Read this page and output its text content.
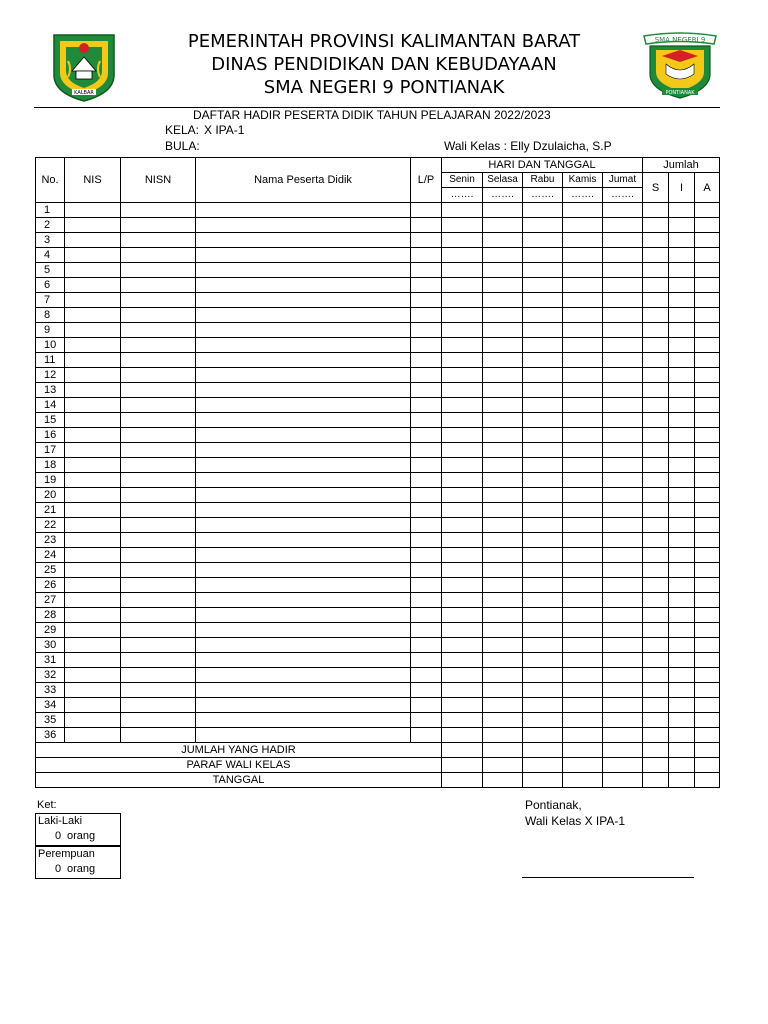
KALBAR
PEMERINTAH PROVINSI KALIMANTAN BARAT
DINAS PENDIDIKAN DAN KEBUDAYAAN
SMA NEGERI 9 PONTIANAK
SMA NEGERI 9
PONTIANAK
DAFTAR HADIR PESERTA DIDIK TAHUN PELAJARAN 2022/2023
KELA: X IPA-1
BULA:	Wali Kelas : Elly Dzulaicha, S.P
No.	NIS	NISN	Nama Peserta Didik	L/P	HARI DAN TANGGAL					Jumlah		
					Senin	Selasa	Rabu	Kamis	Jumat	S	I	A
					…….	…….	…….	…….	…….			
1												
2												
3												
4												
5												
6												
7												
8												
9												
10												
11												
12												
13												
14												
15												
16												
17												
18												
19												
20												
21												
22												
23												
24												
25												
26												
27												
28												
29												
30												
31												
32												
33												
34												
35												
36												
JUMLAH YANG HADIR												
PARAF WALI KELAS												
TANGGAL												
Ket:
Laki-Laki
0 orang
Perempuan
0 orang
Pontianak,
Wali Kelas X IPA-1
